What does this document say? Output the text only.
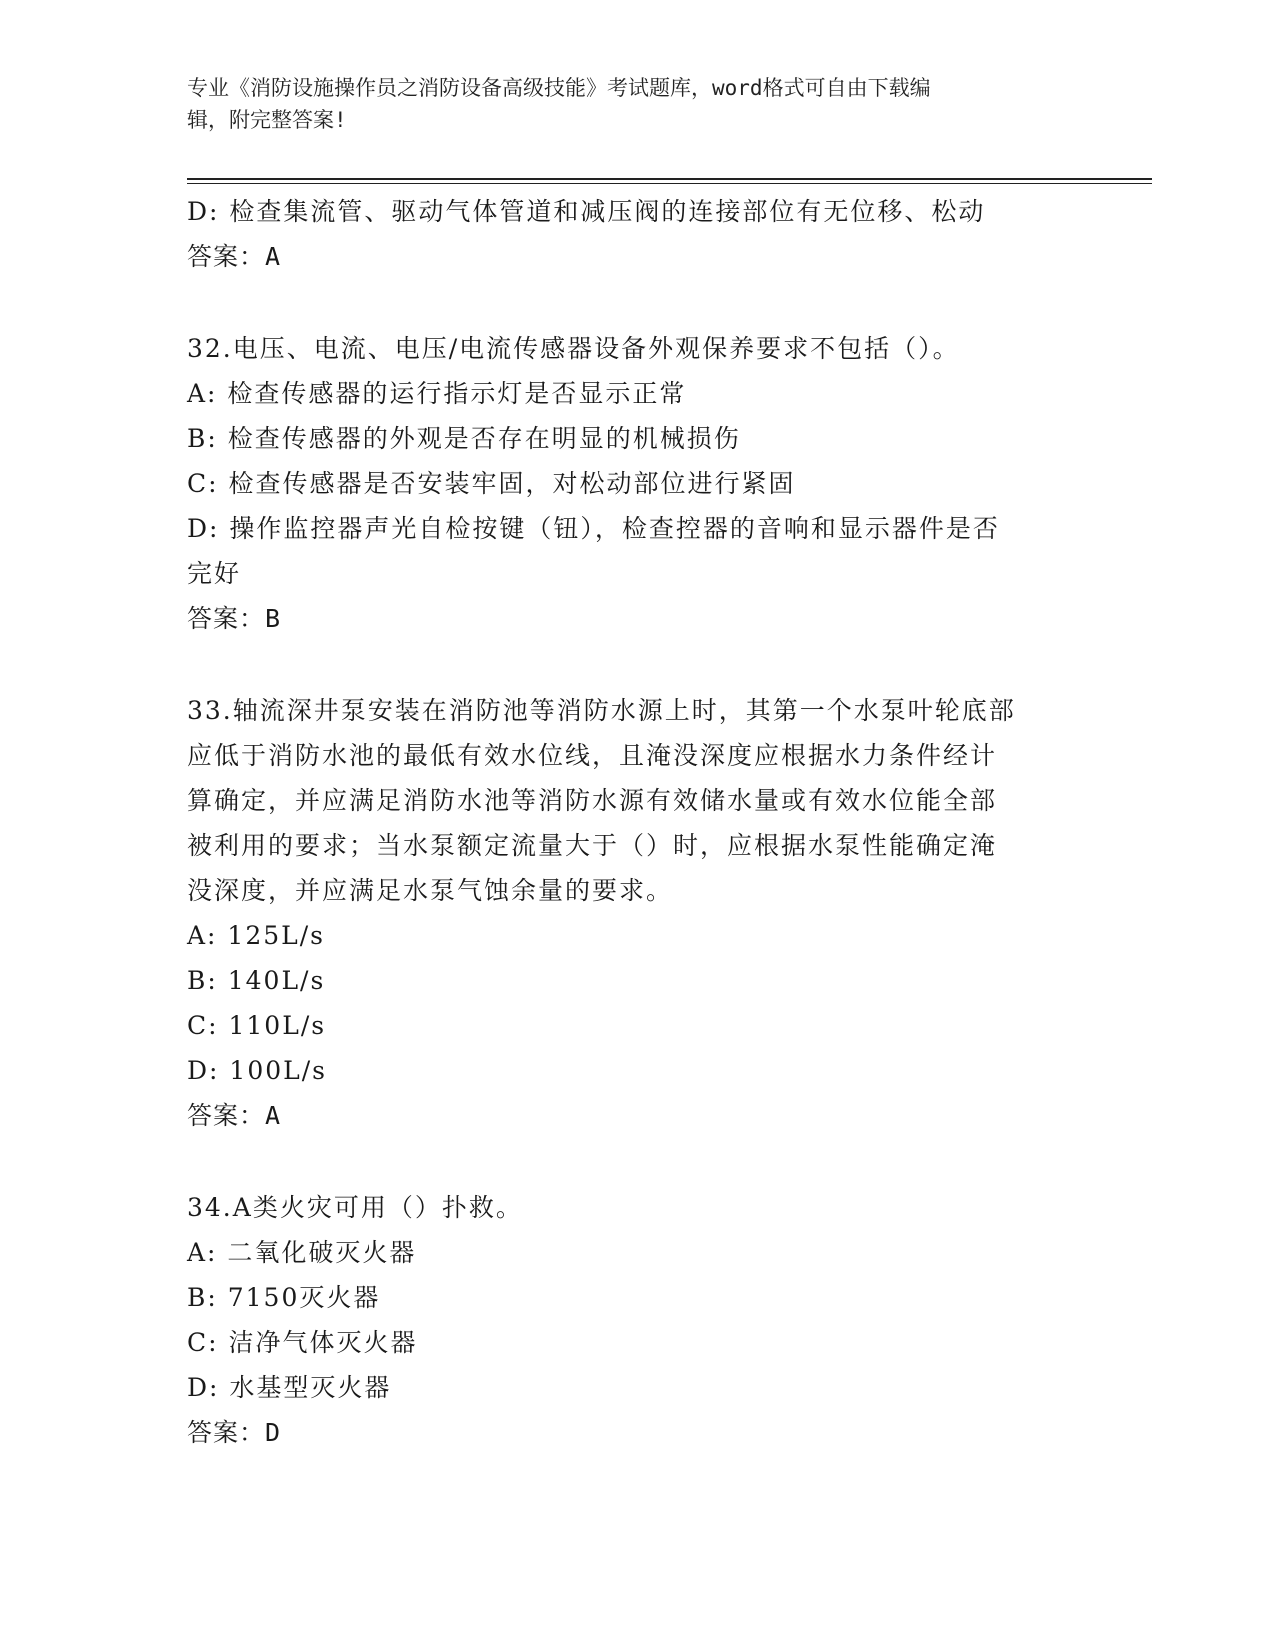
专业《消防设施操作员之消防设备高级技能》考试题库，word格式可自由下载编
辑，附完整答案!
D: 检查集流管、驱动气体管道和减压阀的连接部位有无位移、松动
答案：A
32.电压、电流、电压/电流传感器设备外观保养要求不包括（）。
A: 检查传感器的运行指示灯是否显示正常
B: 检查传感器的外观是否存在明显的机械损伤
C: 检查传感器是否安装牢固，对松动部位进行紧固
D: 操作监控器声光自检按键（钮），检查控器的音响和显示器件是否
完好
答案：B
33.轴流深井泵安装在消防池等消防水源上时，其第一个水泵叶轮底部
应低于消防水池的最低有效水位线，且淹没深度应根据水力条件经计
算确定，并应满足消防水池等消防水源有效储水量或有效水位能全部
被利用的要求；当水泵额定流量大于（）时，应根据水泵性能确定淹
没深度，并应满足水泵气蚀余量的要求。
A: 125L/s
B: 140L/s
C: 110L/s
D: 100L/s
答案：A
34.A类火灾可用（）扑救。
A: 二氧化破灭火器
B: 7150灭火器
C: 洁净气体灭火器
D: 水基型灭火器
答案：D
